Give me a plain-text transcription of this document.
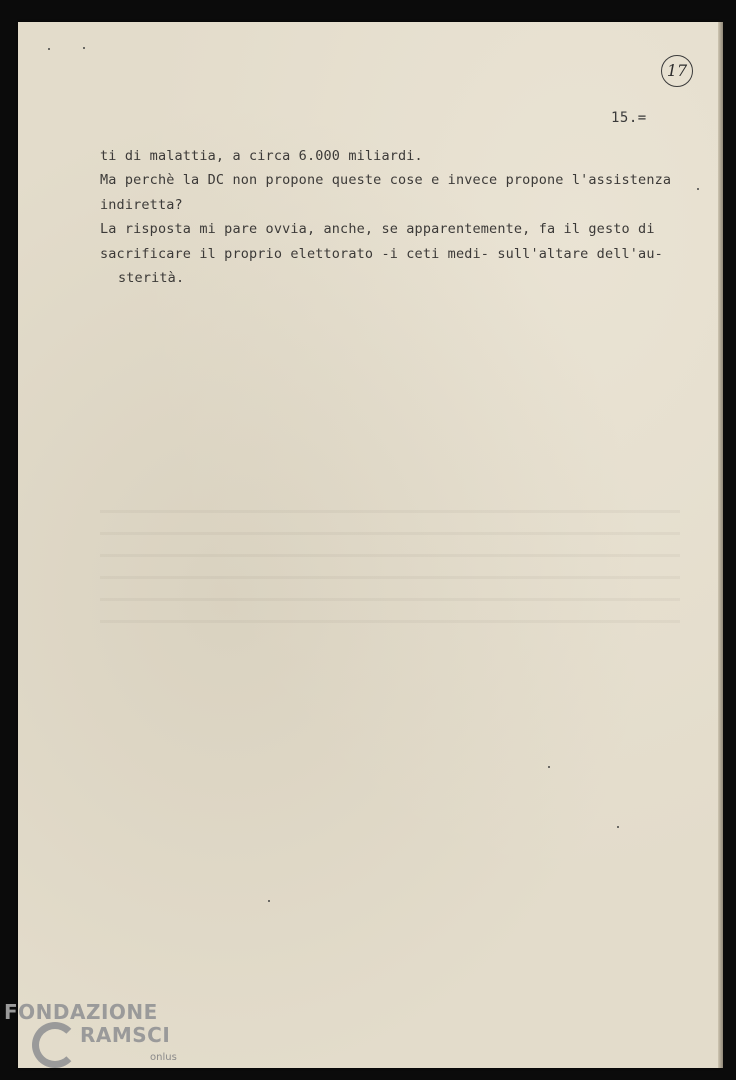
17
15.=
ti di malattia, a circa 6.000 miliardi.
Ma perchè la DC non propone queste cose e invece propone l'assistenza
indiretta?
La risposta mi pare ovvia, anche, se apparentemente, fa il gesto di
sacrificare il proprio elettorato -i ceti medi- sull'altare dell'au-
sterità.
FONDAZIONE
RAMSCI
onlus
